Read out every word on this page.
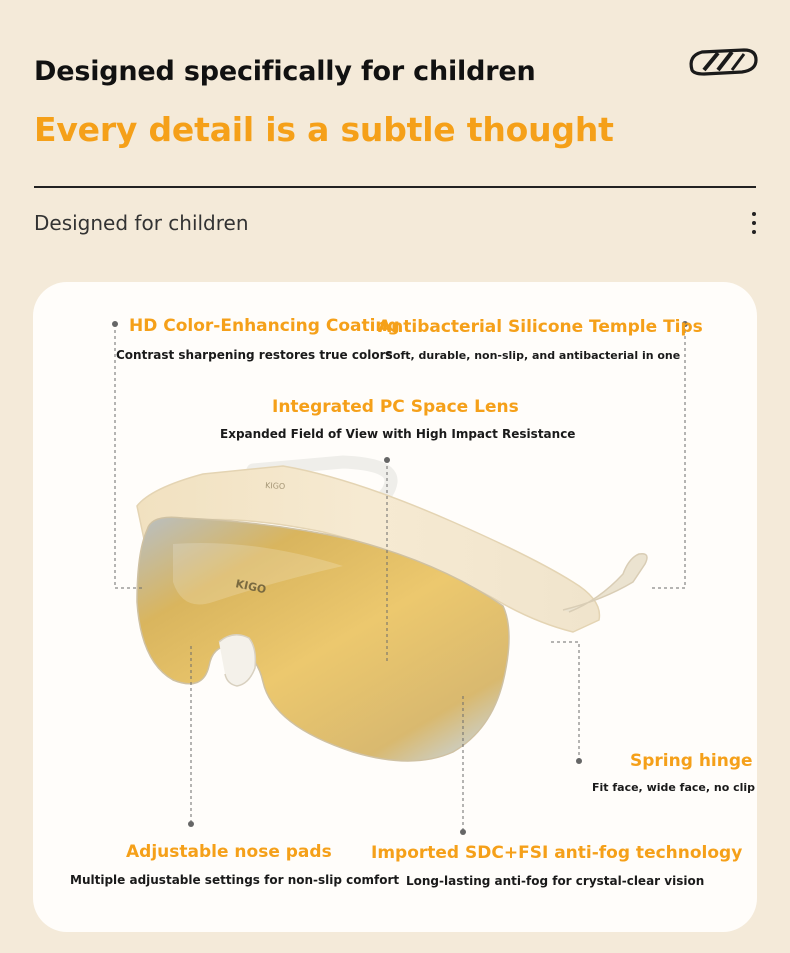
Designed specifically for children
Every detail is a subtle thought
Designed for children
KIGO
KIGO
HD Color-Enhancing Coating
Contrast sharpening restores true colors
Antibacterial Silicone Temple Tips
Soft, durable, non-slip, and antibacterial in one
Integrated PC Space Lens
Expanded Field of View with High Impact Resistance
Spring hinge
Fit face, wide face, no clip
Adjustable nose pads
Multiple adjustable settings for non-slip comfort
Imported SDC+FSI anti-fog technology
Long-lasting anti-fog for crystal-clear vision
